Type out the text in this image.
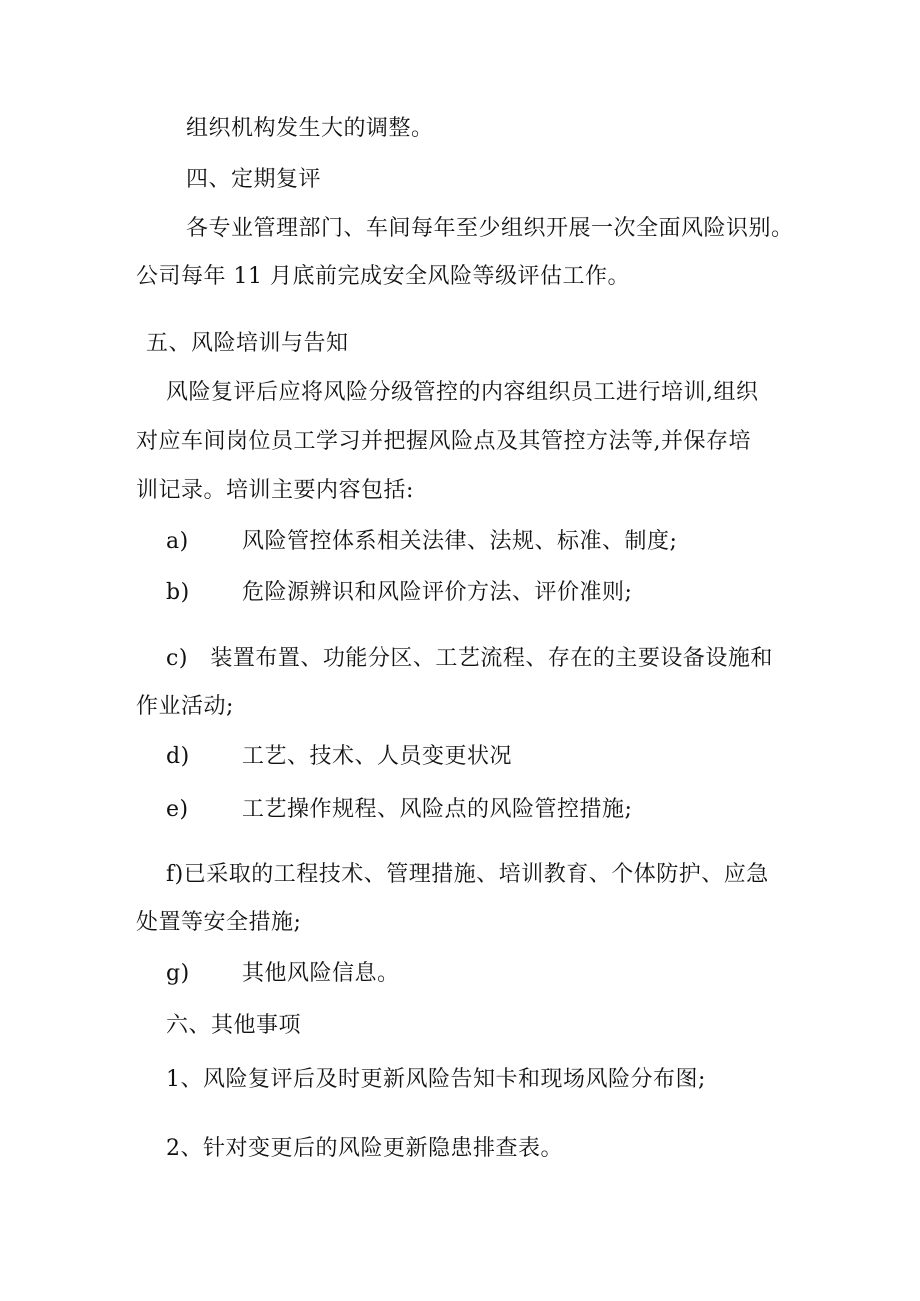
组织机构发生大的调整。
四、定期复评
各专业管理部门、车间每年至少组织开展一次全面风险识别。
公司每年 11 月底前完成安全风险等级评估工作。
五、风险培训与告知
风险复评后应将风险分级管控的内容组织员工进行培训,组织
对应车间岗位员工学习并把握风险点及其管控方法等,并保存培
训记录。培训主要内容包括:
a) 风险管控体系相关法律、法规、标准、制度;
b) 危险源辨识和风险评价方法、评价准则;
c)　装置布置、功能分区、工艺流程、存在的主要设备设施和
作业活动;
d) 工艺、技术、人员变更状况
e) 工艺操作规程、风险点的风险管控措施;
f)已采取的工程技术、管理措施、培训教育、个体防护、应急
处置等安全措施;
g) 其他风险信息。
六、其他事项
1、风险复评后及时更新风险告知卡和现场风险分布图;
2、针对变更后的风险更新隐患排查表。
